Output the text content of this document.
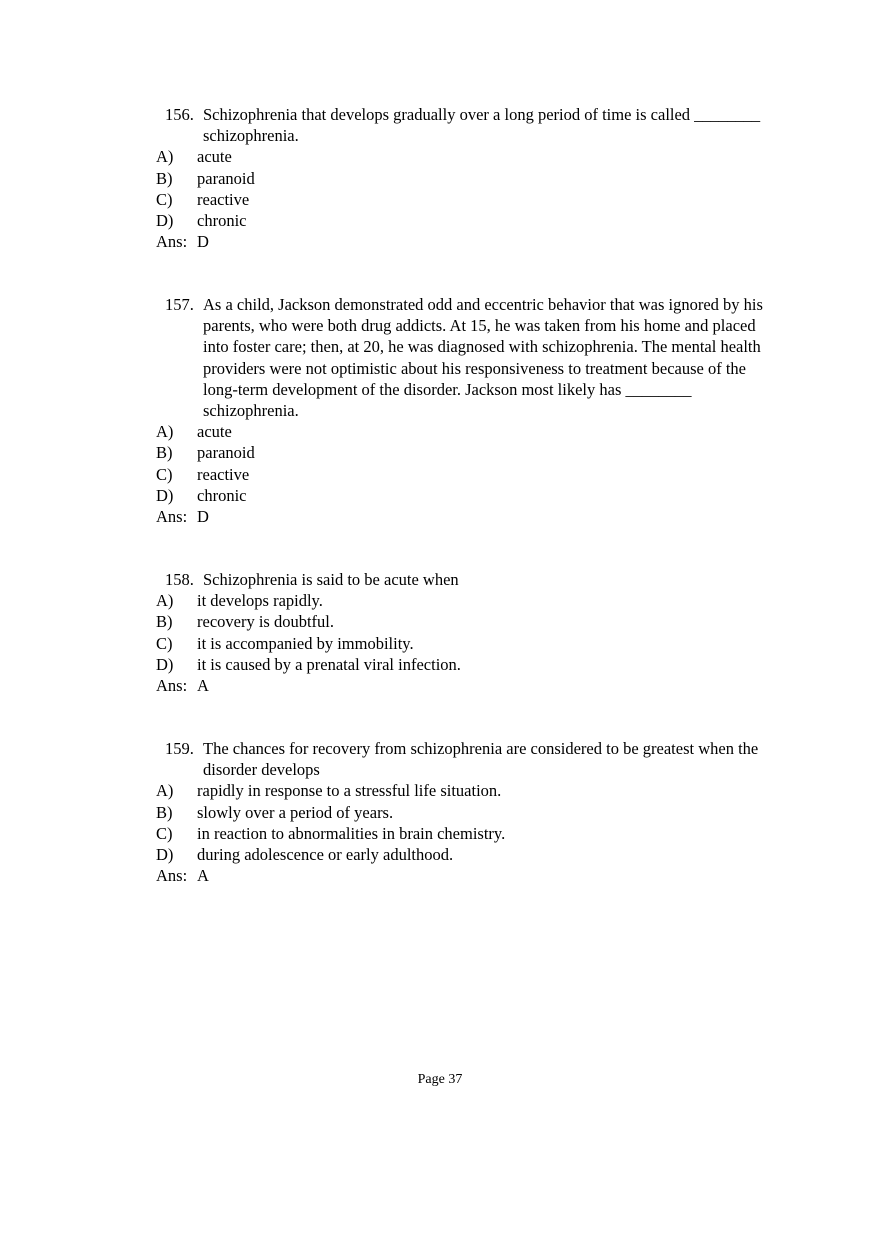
156. Schizophrenia that develops gradually over a long period of time is called ________ schizophrenia.
A) acute
B) paranoid
C) reactive
D) chronic
Ans: D
157. As a child, Jackson demonstrated odd and eccentric behavior that was ignored by his parents, who were both drug addicts. At 15, he was taken from his home and placed into foster care; then, at 20, he was diagnosed with schizophrenia. The mental health providers were not optimistic about his responsiveness to treatment because of the long-term development of the disorder. Jackson most likely has ________ schizophrenia.
A) acute
B) paranoid
C) reactive
D) chronic
Ans: D
158. Schizophrenia is said to be acute when
A) it develops rapidly.
B) recovery is doubtful.
C) it is accompanied by immobility.
D) it is caused by a prenatal viral infection.
Ans: A
159. The chances for recovery from schizophrenia are considered to be greatest when the disorder develops
A) rapidly in response to a stressful life situation.
B) slowly over a period of years.
C) in reaction to abnormalities in brain chemistry.
D) during adolescence or early adulthood.
Ans: A
Page 37
